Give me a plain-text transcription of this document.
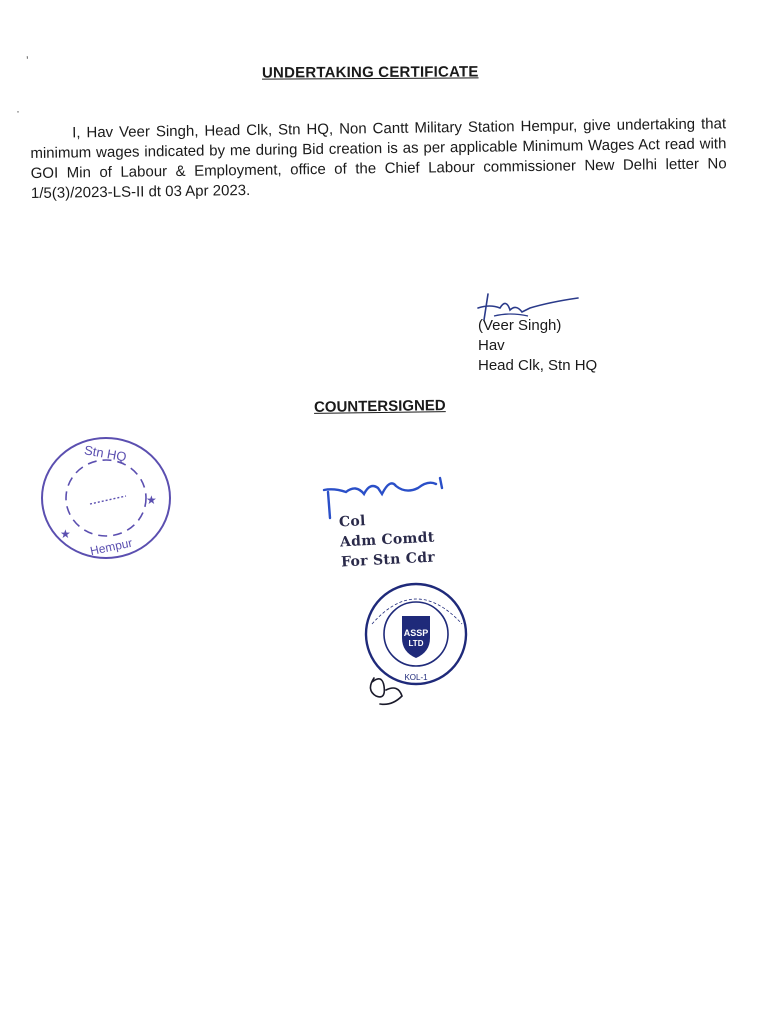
ʼ
·
UNDERTAKING CERTIFICATE

I, Hav Veer Singh, Head Clk, Stn HQ, Non Cantt Military Station Hempur, give undertaking that minimum wages indicated by me during Bid creation is as per applicable Minimum Wages Act read with GOI Min of Labour & Employment, office of the Chief Labour commissioner New Delhi letter No 1/5(3)/2023-LS-II dt 03 Apr 2023.

(Veer Singh)
Hav
Head Clk, Stn HQ
COUNTERSIGNED
Stn HQ
Hempur
★
★
Col
Adm Comdt
For Stn Cdr
ASSP
LTD
KOL-1
